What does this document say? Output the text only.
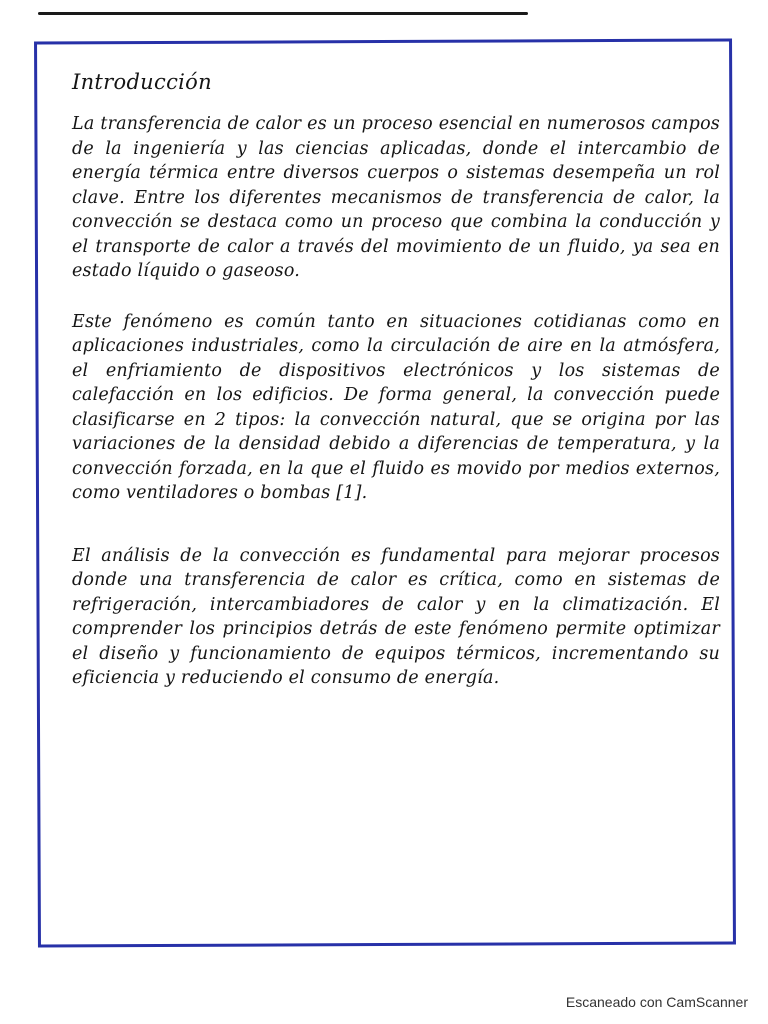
Introducción

La transferencia de calor es un proceso esencial en numerosos campos de la ingeniería y las ciencias aplicadas, donde el intercambio de energía térmica entre diversos cuerpos o sistemas desempeña un rol clave. Entre los diferentes mecanismos de transferencia de calor, la convección se destaca como un proceso que combina la conducción y el transporte de calor a través del movimiento de un fluido, ya sea en estado líquido o gaseoso.

Este fenómeno es común tanto en situaciones cotidianas como en aplicaciones industriales, como la circulación de aire en la atmósfera, el enfriamiento de dispositivos electrónicos y los sistemas de calefacción en los edificios. De forma general, la convección puede clasificarse en 2 tipos: la convección natural, que se origina por las variaciones de la densidad debido a diferencias de temperatura, y la convección forzada, en la que el fluido es movido por medios externos, como ventiladores o bombas [1].

El análisis de la convección es fundamental para mejorar procesos donde una transferencia de calor es crítica, como en sistemas de refrigeración, intercambiadores de calor y en la climatización. El comprender los principios detrás de este fenómeno permite optimizar el diseño y funcionamiento de equipos térmicos, incrementando su eficiencia y reduciendo el consumo de energía.

Escaneado con CamScanner
